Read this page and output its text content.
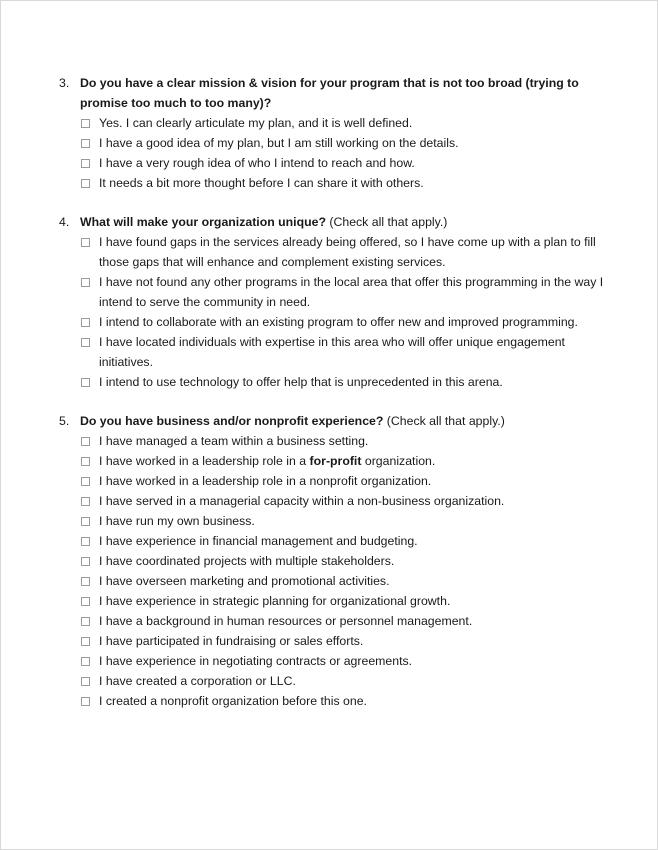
3. Do you have a clear mission & vision for your program that is not too broad (trying to promise too much to too many)?
Yes. I can clearly articulate my plan, and it is well defined.
I have a good idea of my plan, but I am still working on the details.
I have a very rough idea of who I intend to reach and how.
It needs a bit more thought before I can share it with others.
4. What will make your organization unique? (Check all that apply.)
I have found gaps in the services already being offered, so I have come up with a plan to fill those gaps that will enhance and complement existing services.
I have not found any other programs in the local area that offer this programming in the way I intend to serve the community in need.
I intend to collaborate with an existing program to offer new and improved programming.
I have located individuals with expertise in this area who will offer unique engagement initiatives.
I intend to use technology to offer help that is unprecedented in this arena.
5. Do you have business and/or nonprofit experience? (Check all that apply.)
I have managed a team within a business setting.
I have worked in a leadership role in a for-profit organization.
I have worked in a leadership role in a nonprofit organization.
I have served in a managerial capacity within a non-business organization.
I have run my own business.
I have experience in financial management and budgeting.
I have coordinated projects with multiple stakeholders.
I have overseen marketing and promotional activities.
I have experience in strategic planning for organizational growth.
I have a background in human resources or personnel management.
I have participated in fundraising or sales efforts.
I have experience in negotiating contracts or agreements.
I have created a corporation or LLC.
I created a nonprofit organization before this one.
